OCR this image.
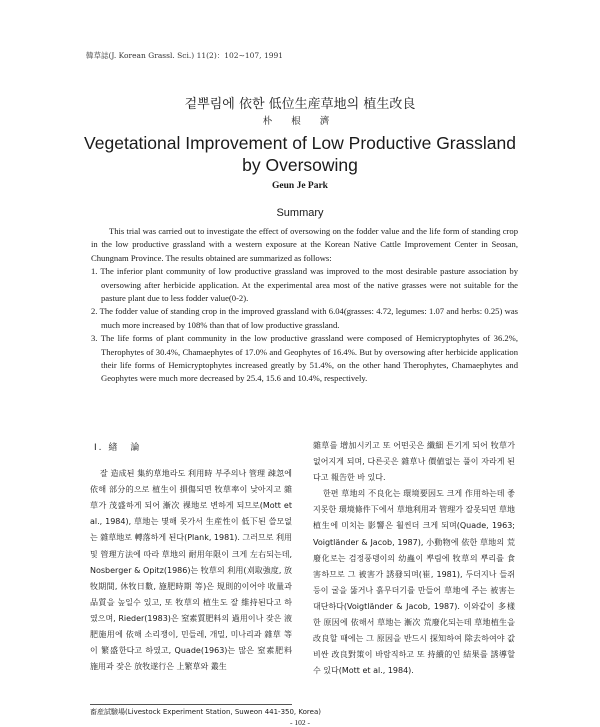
韓草誌(J. Korean Grassl. Sci.) 11(2)：102∼107, 1991
겉뿌림에 依한 低位生産草地의 植生改良
朴 根 濟
Vegetational Improvement of Low Productive Grassland
by Oversowing
Geun Je Park
Summary

This trial was carried out to investigate the effect of oversowing on the fodder value and the life form of standing crop in the low productive grassland with a western exposure at the Korean Native Cattle Improvement Center in Seosan, Chungnam Province. The results obtained are summarized as follows:

1. The inferior plant community of low productive grassland was improved to the most desirable pasture association by oversowing after herbicide application. At the experimental area most of the native grasses were not suitable for the pasture plant due to less fodder value(0-2).
2. The fodder value of standing crop in the improved grassland with 6.04(grasses: 4.72, legumes: 1.07 and herbs: 0.25) was much more increased by 108% than that of low productive grassland.
3. The life forms of plant community in the low productive grassland were composed of Hemicryptophytes of 36.2%, Therophytes of 30.4%, Chamaephytes of 17.0% and Geophytes of 16.4%. But by oversowing after herbicide application their life forms of Hemicryptophytes increased greatly by 51.4%, on the other hand Therophytes, Chamaephytes and Geophytes were much more decreased by 25.4, 15.6 and 10.4%, respectively.

Ⅰ. 緖　論

잘 造成된 集約草地라도 利用時 부주의나 管理 疎忽에 依해 部分的으로 植生이 損傷되면 牧草率이 낮아지고 雜草가 茂盛하게 되어 漸次 裸地로 변하게 되므로(Mott et al., 1984), 草地는 몇해 못가서 生産性이 低下된 쓸모없는 雜草地로 轉落하게 된다(Plank, 1981). 그러므로 利用 및 管理方法에 따라 草地의 耐用年限이 크게 左右되는데, Nosberger & Opitz(1986)는 牧草의 利用(刈取強度, 放牧期間, 休牧日數, 施肥時期 等)은 規則的이어야 收量과 品質을 높일수 있고, 또 牧草의 植生도 잘 維持된다고 하였으며, Rieder(1983)은 窒素質肥料의 過用이나 잦은 液肥施用에 依해 소리쟁이, 민들레, 개밀, 미나리과 雜草 等이 繁盛한다고 하였고, Quade(1963)는 많은 窒素肥料 施用과 잦은 放牧遂行은 上繁草와 叢生

雜草를 增加시키고 또 어떤곳은 纖細 튼기게 되어 牧草가 없어지게 되며, 다른곳은 雜草나 價値없는 풀이 자라게 된다고 報告한 바 있다.

한편 草地의 不良化는 環境要因도 크게 作用하는데 좋지못한 環境條件下에서 草地利用과 管理가 잘못되면 草地植生에 미치는 影響은 훨씬더 크게 되며(Quade, 1963; Voigtländer & Jacob, 1987), 小動物에 依한 草地의 荒廢化로는 검정풍뎅이의 幼蟲이 뿌림에 牧草의 뿌리를 食害하므로 그 被害가 誘發되며(崔, 1981), 두더지나 들쥐 등이 굴을 뚫거나 흙무더기를 만들어 草地에 주는 被害는 대단하다(Voigtländer & Jacob, 1987). 이와같이 多樣한 原因에 依해서 草地는 漸次 荒廢化되는데 草地植生을 改良할 때에는 그 原因을 반드시 探知하여 除去하여야 값비싼 改良對策이 바람직하고 또 持續的인 結果를 誘導할 수 있다(Mott et al., 1984).

畜産試驗場(Livestock Experiment Station, Suweon 441-350, Korea)
- 102 -
